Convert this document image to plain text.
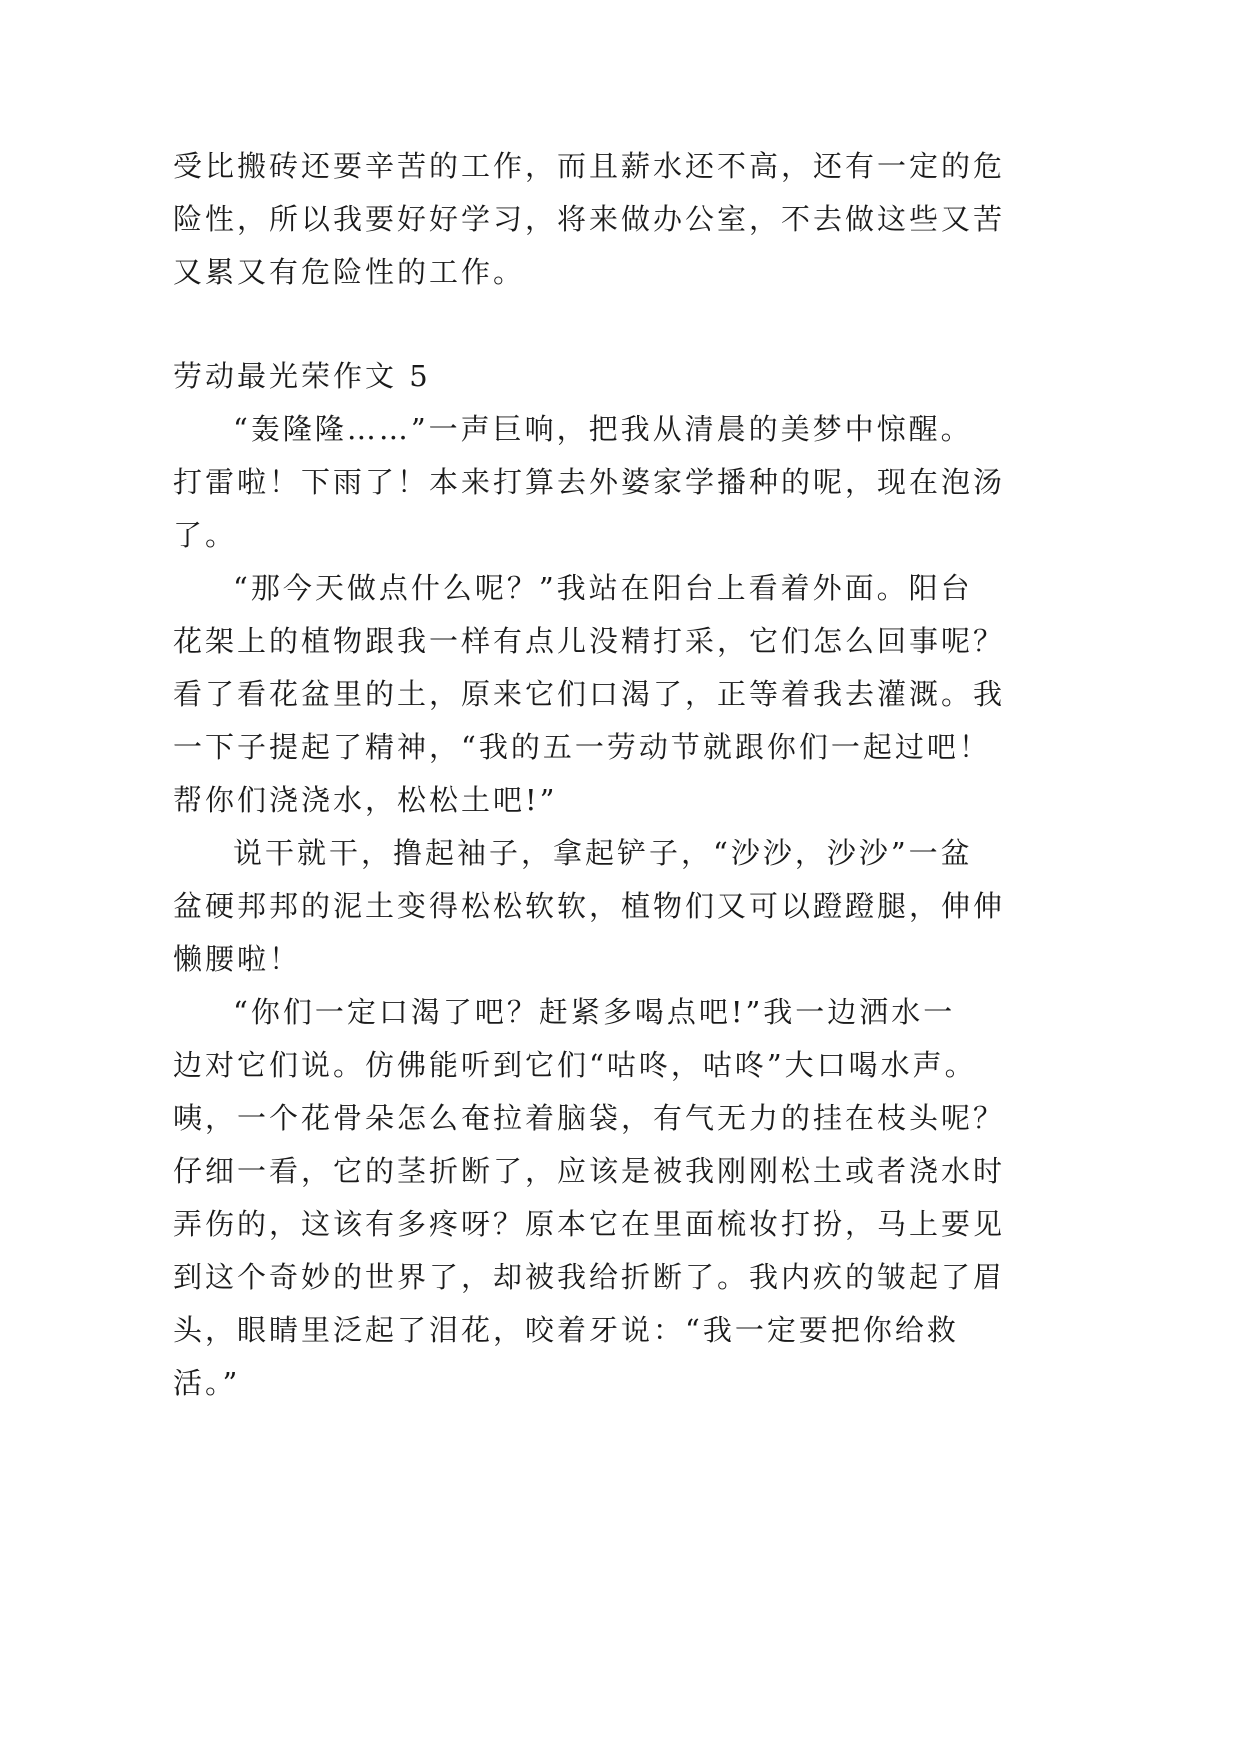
受比搬砖还要辛苦的工作，而且薪水还不高，还有一定的危
险性，所以我要好好学习，将来做办公室，不去做这些又苦
又累又有危险性的工作。
劳动最光荣作文 5
“轰隆隆……”一声巨响，把我从清晨的美梦中惊醒。
打雷啦！下雨了！本来打算去外婆家学播种的呢，现在泡汤
了。
“那今天做点什么呢？”我站在阳台上看着外面。阳台
花架上的植物跟我一样有点儿没精打采，它们怎么回事呢？
看了看花盆里的土，原来它们口渴了，正等着我去灌溉。我
一下子提起了精神，“我的五一劳动节就跟你们一起过吧！
帮你们浇浇水，松松土吧!”
说干就干，撸起袖子，拿起铲子，“沙沙，沙沙”一盆
盆硬邦邦的泥土变得松松软软，植物们又可以蹬蹬腿，伸伸
懒腰啦！
“你们一定口渴了吧？赶紧多喝点吧!”我一边洒水一
边对它们说。仿佛能听到它们“咕咚，咕咚”大口喝水声。
咦，一个花骨朵怎么奄拉着脑袋，有气无力的挂在枝头呢？
仔细一看，它的茎折断了，应该是被我刚刚松土或者浇水时
弄伤的，这该有多疼呀？原本它在里面梳妆打扮，马上要见
到这个奇妙的世界了，却被我给折断了。我内疚的皱起了眉
头，眼睛里泛起了泪花，咬着牙说：“我一定要把你给救
活。”
